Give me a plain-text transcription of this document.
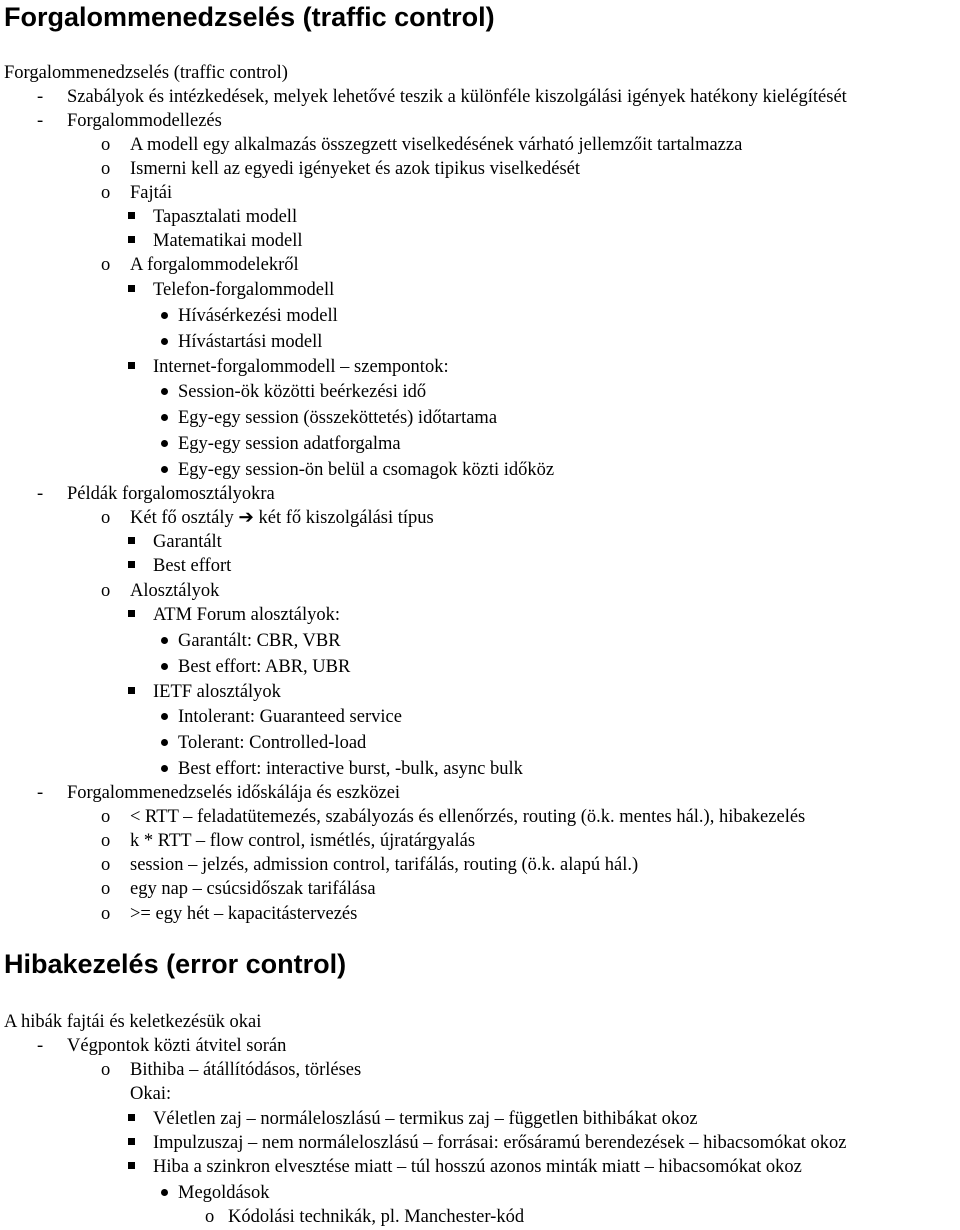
Forgalommenedzselés (traffic control)
Forgalommenedzselés (traffic control)
- Szabályok és intézkedések, melyek lehetővé teszik a különféle kiszolgálási igények hatékony kielégítését
- Forgalommodellezés
o A modell egy alkalmazás összegzett viselkedésének várható jellemzőit tartalmazza
o Ismerni kell az egyedi igényeket és azok tipikus viselkedését
o Fajtái
Tapasztalati modell
Matematikai modell
o A forgalommodelekről
Telefon-forgalommodell
Hívásérkezési modell
Hívástartási modell
Internet-forgalommodell – szempontok:
Session-ök közötti beérkezési idő
Egy-egy session (összeköttetés) időtartama
Egy-egy session adatforgalma
Egy-egy session-ön belül a csomagok közti időköz
- Példák forgalomosztályokra
o Két fő osztály ➔ két fő kiszolgálási típus
Garantált
Best effort
o Alosztályok
ATM Forum alosztályok:
Garantált: CBR, VBR
Best effort: ABR, UBR
IETF alosztályok
Intolerant: Guaranteed service
Tolerant: Controlled-load
Best effort: interactive burst, -bulk, async bulk
- Forgalommenedzselés időskálája és eszközei
o < RTT – feladatütemezés, szabályozás és ellenőrzés, routing (ö.k. mentes hál.), hibakezelés
o k * RTT – flow control, ismétlés, újratárgyalás
o session – jelzés, admission control, tarifálás, routing (ö.k. alapú hál.)
o egy nap – csúcsidőszak tarifálása
o >= egy hét – kapacitástervezés
Hibakezelés (error control)
A hibák fajtái és keletkezésük okai
- Végpontok közti átvitel során
o Bithiba – átállítódásos, törléses
Okai:
Véletlen zaj – normáleloszlású – termikus zaj – független bithibákat okoz
Impulzuszaj – nem normáleloszlású – forrásai: erősáramú berendezések – hibacsomókat okoz
Hiba a szinkron elvesztése miatt – túl hosszú azonos minták miatt – hibacsomókat okoz
Megoldások
o Kódolási technikák, pl. Manchester-kód
